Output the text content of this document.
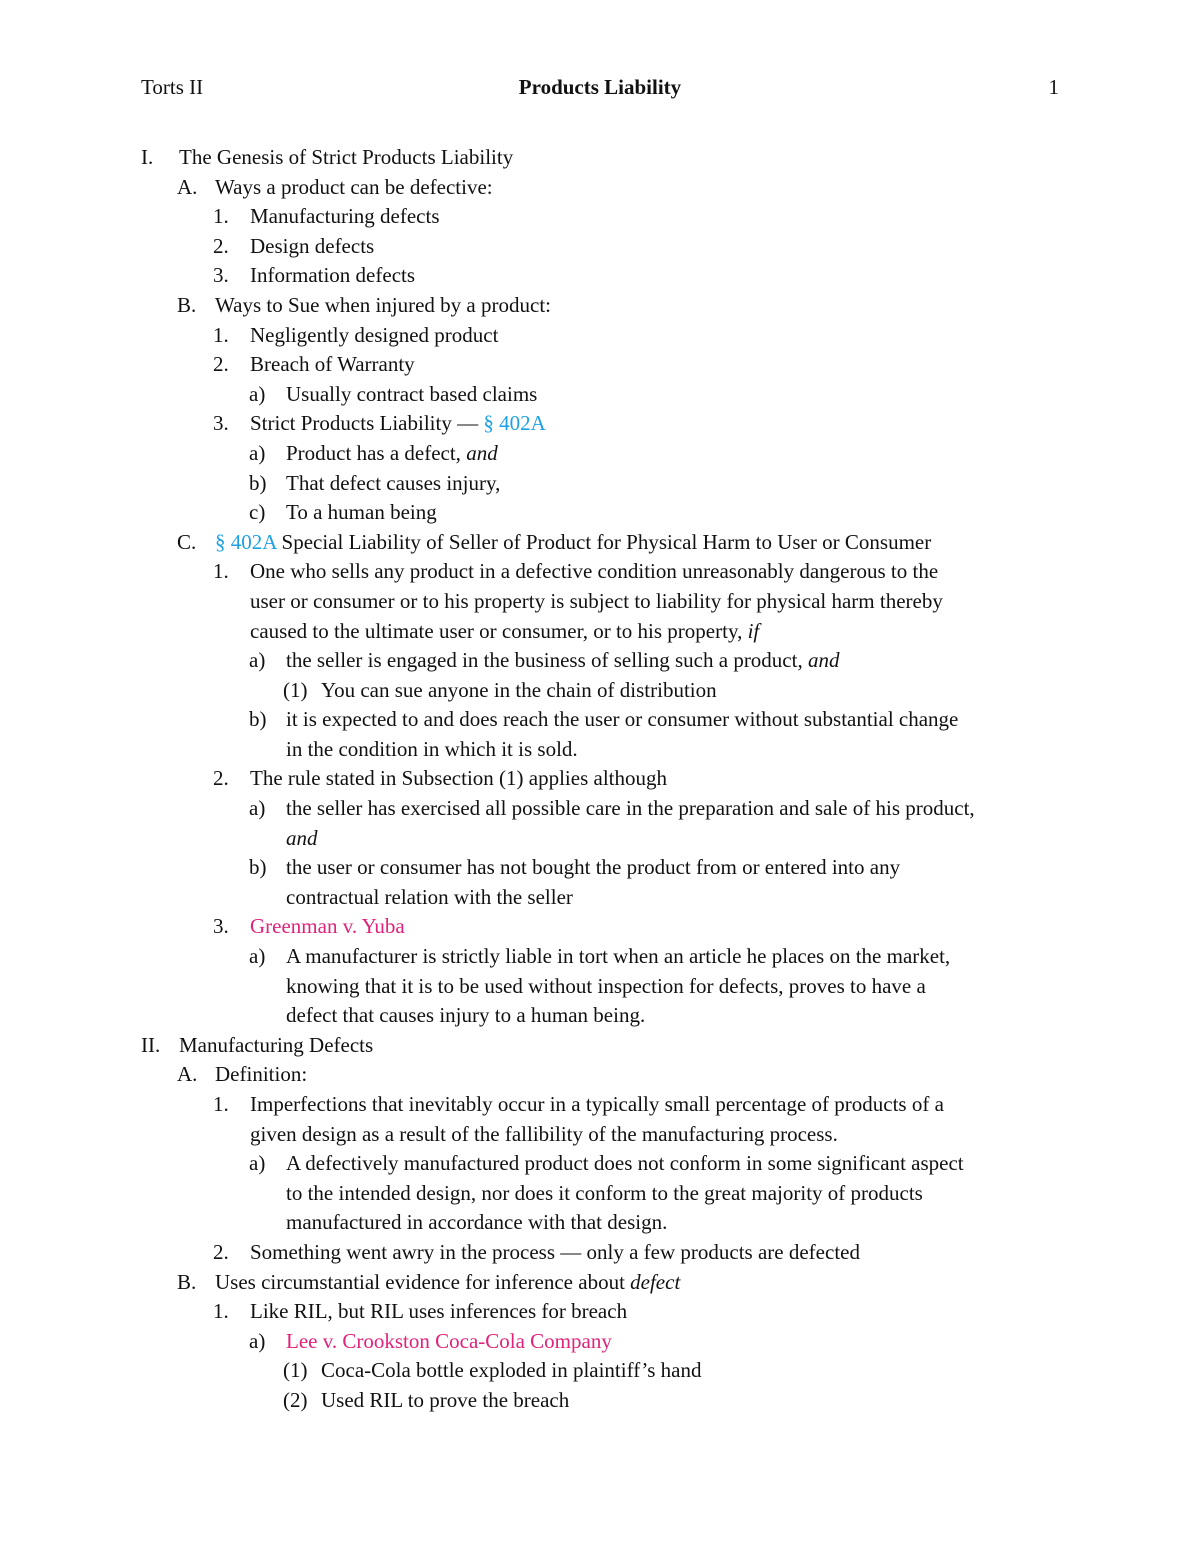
Torts II	Products Liability	1
I. The Genesis of Strict Products Liability
A. Ways a product can be defective:
1. Manufacturing defects
2. Design defects
3. Information defects
B. Ways to Sue when injured by a product:
1. Negligently designed product
2. Breach of Warranty
a) Usually contract based claims
3. Strict Products Liability — § 402A
a) Product has a defect, and
b) That defect causes injury,
c) To a human being
C. § 402A Special Liability of Seller of Product for Physical Harm to User or Consumer
1. One who sells any product in a defective condition unreasonably dangerous to the
user or consumer or to his property is subject to liability for physical harm thereby
caused to the ultimate user or consumer, or to his property, if
a) the seller is engaged in the business of selling such a product, and
(1) You can sue anyone in the chain of distribution
b) it is expected to and does reach the user or consumer without substantial change
in the condition in which it is sold.
2. The rule stated in Subsection (1) applies although
a) the seller has exercised all possible care in the preparation and sale of his product,
and
b) the user or consumer has not bought the product from or entered into any
contractual relation with the seller
3. Greenman v. Yuba
a) A manufacturer is strictly liable in tort when an article he places on the market,
knowing that it is to be used without inspection for defects, proves to have a
defect that causes injury to a human being.
II. Manufacturing Defects
A. Definition:
1. Imperfections that inevitably occur in a typically small percentage of products of a
given design as a result of the fallibility of the manufacturing process.
a) A defectively manufactured product does not conform in some significant aspect
to the intended design, nor does it conform to the great majority of products
manufactured in accordance with that design.
2. Something went awry in the process — only a few products are defected
B. Uses circumstantial evidence for inference about defect
1. Like RIL, but RIL uses inferences for breach
a) Lee v. Crookston Coca-Cola Company
(1) Coca-Cola bottle exploded in plaintiff’s hand
(2) Used RIL to prove the breach
